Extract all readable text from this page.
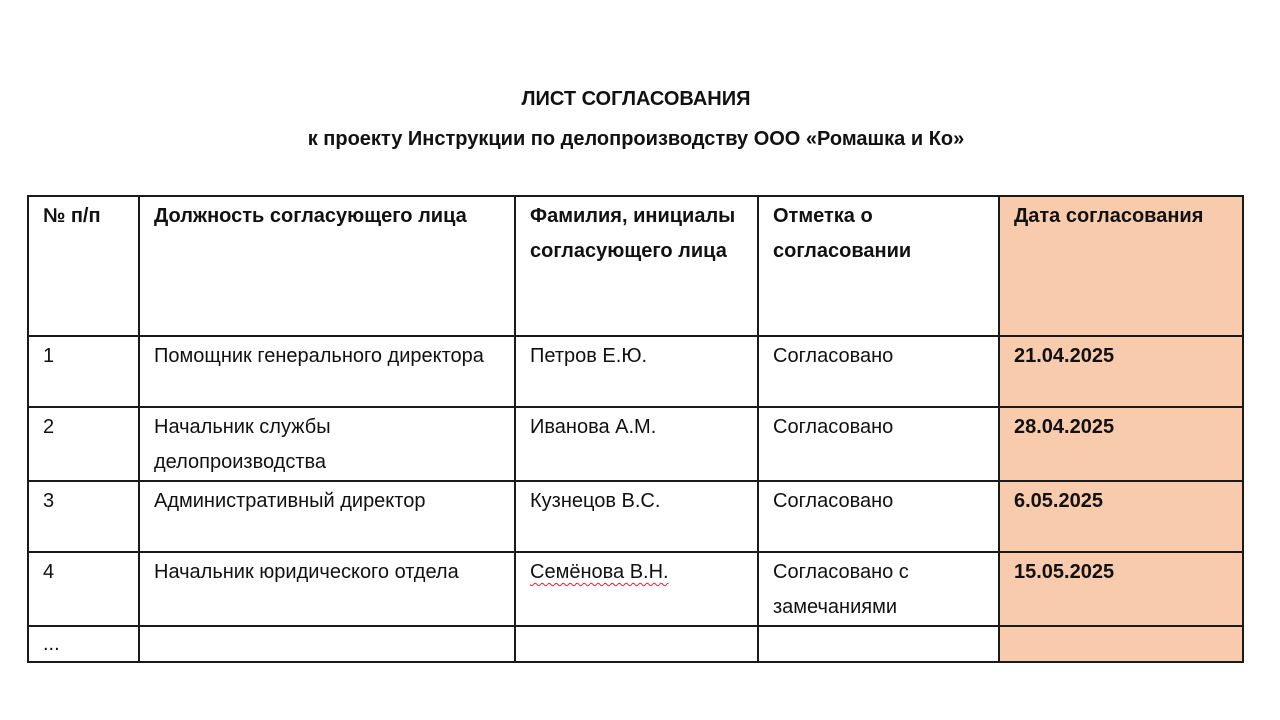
ЛИСТ СОГЛАСОВАНИЯ
к проекту Инструкции по делопроизводству ООО «Ромашка и Ко»
№ п/п	Должность согласующего лица	Фамилия, инициалы согласующего лица	Отметка о согласовании	Дата согласования
1	Помощник генерального директора	Петров Е.Ю.	Согласовано	21.04.2025
2	Начальник службы делопроизводства	Иванова А.М.	Согласовано	28.04.2025
3	Административный директор	Кузнецов В.С.	Согласовано	6.05.2025
4	Начальник юридического отдела	Семёнова В.Н.	Согласовано с замечаниями	15.05.2025
...				
